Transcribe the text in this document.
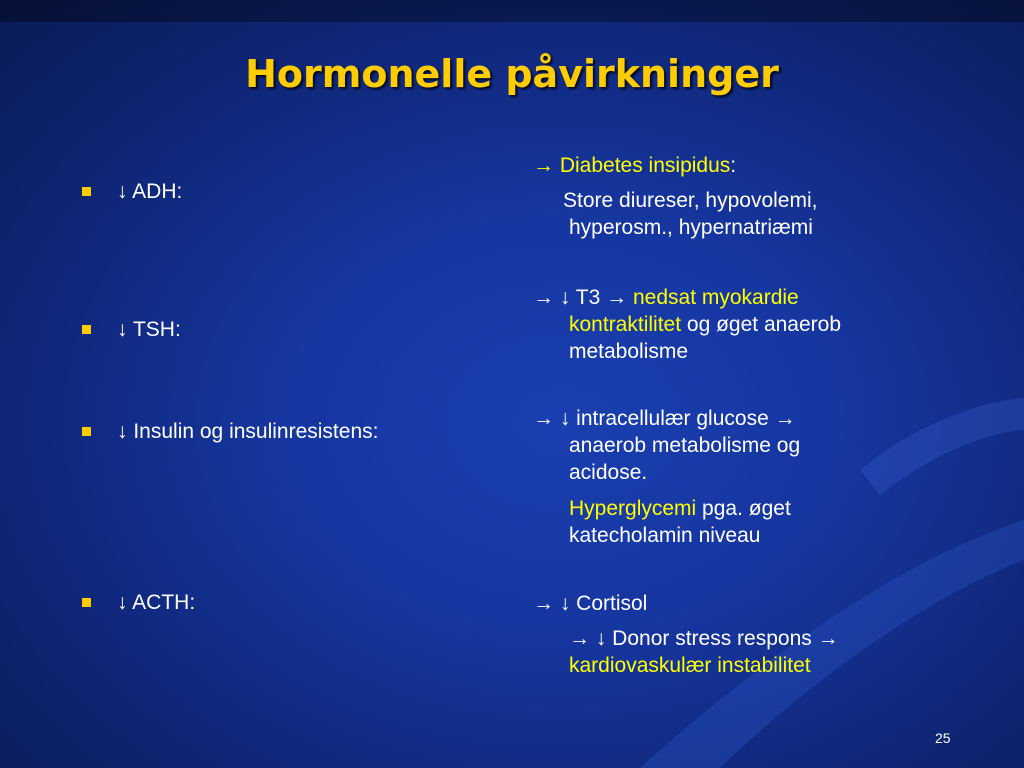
Hormonelle påvirkninger
↓ ADH:
↓ TSH:
↓ Insulin og insulinresistens:
↓ ACTH:
→ Diabetes insipidus:
Store diureser, hypovolemi,
hyperosm., hypernatriæmi
→ ↓ T3 → nedsat myokardie
kontraktilitet og øget anaerob
metabolisme
→ ↓ intracellulær glucose →
anaerob metabolisme og
acidose.
Hyperglycemi pga. øget
katecholamin niveau
→ ↓ Cortisol
→ ↓ Donor stress respons →
kardiovaskulær instabilitet
25
